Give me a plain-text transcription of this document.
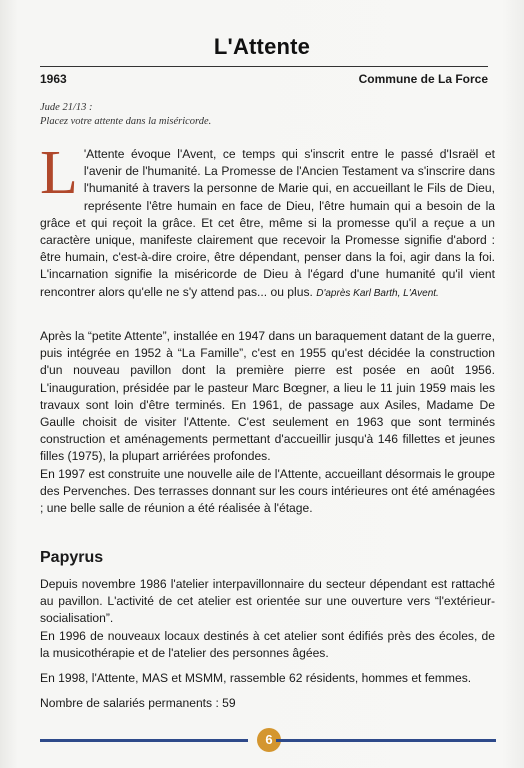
L'Attente
1963	Commune de La Force
Jude 21/13 :
Placez votre attente dans la miséricorde.

L 'Attente évoque l'Avent, ce temps qui s'inscrit entre le passé d'Israël et l'avenir de l'humanité. La Promesse de l'Ancien Testament va s'inscrire dans l'humanité à travers la personne de Marie qui, en accueillant le Fils de Dieu, représente l'être humain en face de Dieu, l'être humain qui a besoin de la grâce et qui reçoit la grâce. Et cet être, même si la promesse qu'il a reçue a un caractère unique, manifeste clairement que recevoir la Promesse signifie d'abord : être humain, c'est-à-dire croire, être dépendant, penser dans la foi, agir dans la foi. L'incarnation signifie la miséricorde de Dieu à l'égard d'une humanité qu'il vient rencontrer alors qu'elle ne s'y attend pas... ou plus. D'après Karl Barth, L'Avent.

Après la “petite Attente”, installée en 1947 dans un baraquement datant de la guerre, puis intégrée en 1952 à “La Famille”, c'est en 1955 qu'est décidée la construction d'un nouveau pavillon dont la première pierre est posée en août 1956. L'inauguration, présidée par le pasteur Marc Bœgner, a lieu le 11 juin 1959 mais les travaux sont loin d'être terminés. En 1961, de passage aux Asiles, Madame De Gaulle choisit de visiter l'Attente. C'est seulement en 1963 que sont terminés construction et aménagements permettant d'accueillir jusqu'à 146 fillettes et jeunes filles (1975), la plupart arriérées profondes.

En 1997 est construite une nouvelle aile de l'Attente, accueillant désormais le groupe des Pervenches. Des terrasses donnant sur les cours intérieures ont été aménagées ; une belle salle de réunion a été réalisée à l'étage.

Papyrus

Depuis novembre 1986 l'atelier interpavillonnaire du secteur dépendant est rattaché au pavillon. L'activité de cet atelier est orientée sur une ouverture vers “l'extérieur-socialisation”.

En 1996 de nouveaux locaux destinés à cet atelier sont édifiés près des écoles, de la musicothérapie et de l'atelier des personnes âgées.

En 1998, l'Attente, MAS et MSMM, rassemble 62 résidents, hommes et femmes.

Nombre de salariés permanents : 59

6
